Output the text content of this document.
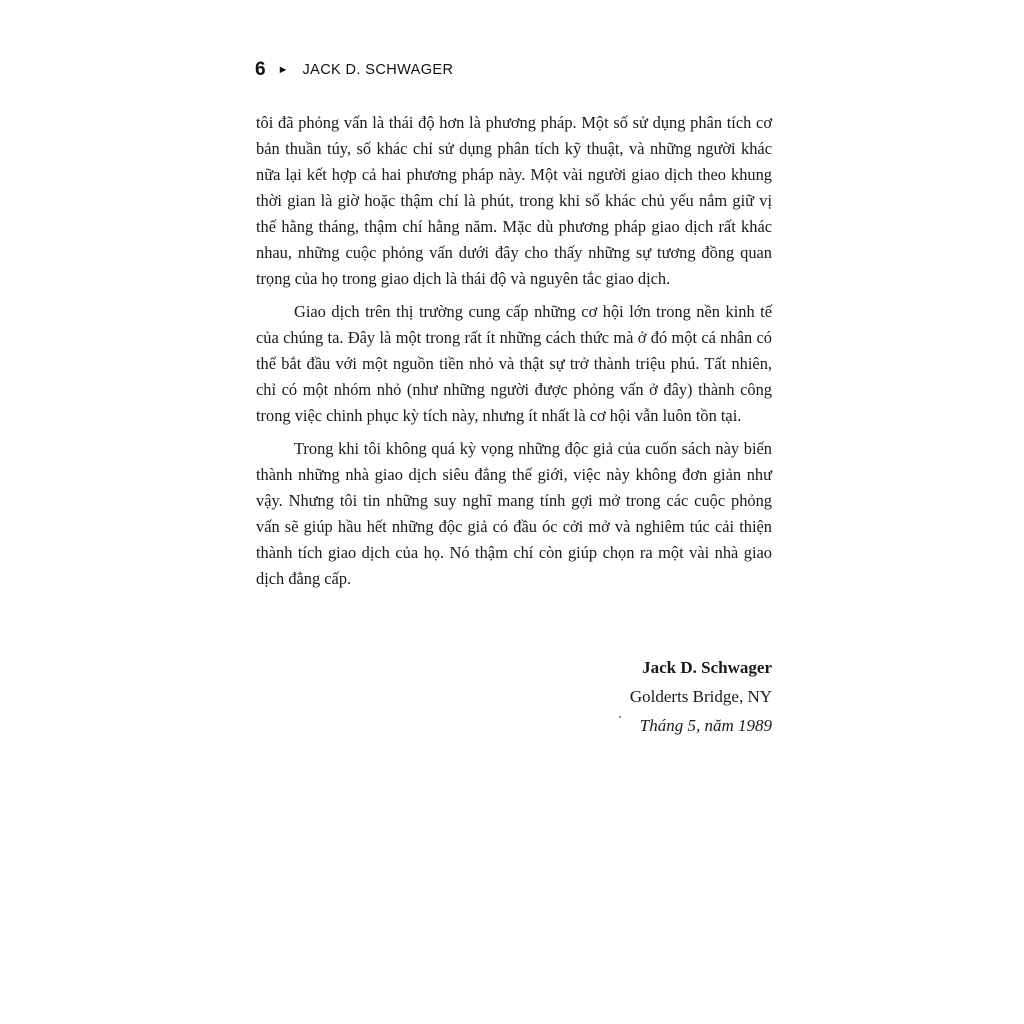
6 ► JACK D. SCHWAGER

tôi đã phỏng vấn là thái độ hơn là phương pháp. Một số sử dụng phân tích cơ bản thuần túy, số khác chỉ sử dụng phân tích kỹ thuật, và những người khác nữa lại kết hợp cả hai phương pháp này. Một vài người giao dịch theo khung thời gian là giờ hoặc thậm chí là phút, trong khi số khác chủ yếu nắm giữ vị thế hằng tháng, thậm chí hằng năm. Mặc dù phương pháp giao dịch rất khác nhau, những cuộc phỏng vấn dưới đây cho thấy những sự tương đồng quan trọng của họ trong giao dịch là thái độ và nguyên tắc giao dịch.

Giao dịch trên thị trường cung cấp những cơ hội lớn trong nền kinh tế của chúng ta. Đây là một trong rất ít những cách thức mà ở đó một cá nhân có thể bắt đầu với một nguồn tiền nhỏ và thật sự trở thành triệu phú. Tất nhiên, chỉ có một nhóm nhỏ (như những người được phỏng vấn ở đây) thành công trong việc chinh phục kỳ tích này, nhưng ít nhất là cơ hội vẫn luôn tồn tại.

Trong khi tôi không quá kỳ vọng những độc giả của cuốn sách này biến thành những nhà giao dịch siêu đẳng thế giới, việc này không đơn giản như vậy. Nhưng tôi tin những suy nghĩ mang tính gợi mở trong các cuộc phỏng vấn sẽ giúp hầu hết những độc giả có đầu óc cởi mở và nghiêm túc cải thiện thành tích giao dịch của họ. Nó thậm chí còn giúp chọn ra một vài nhà giao dịch đẳng cấp.

Jack D. Schwager
Golderts Bridge, NY
Tháng 5, năm 1989
